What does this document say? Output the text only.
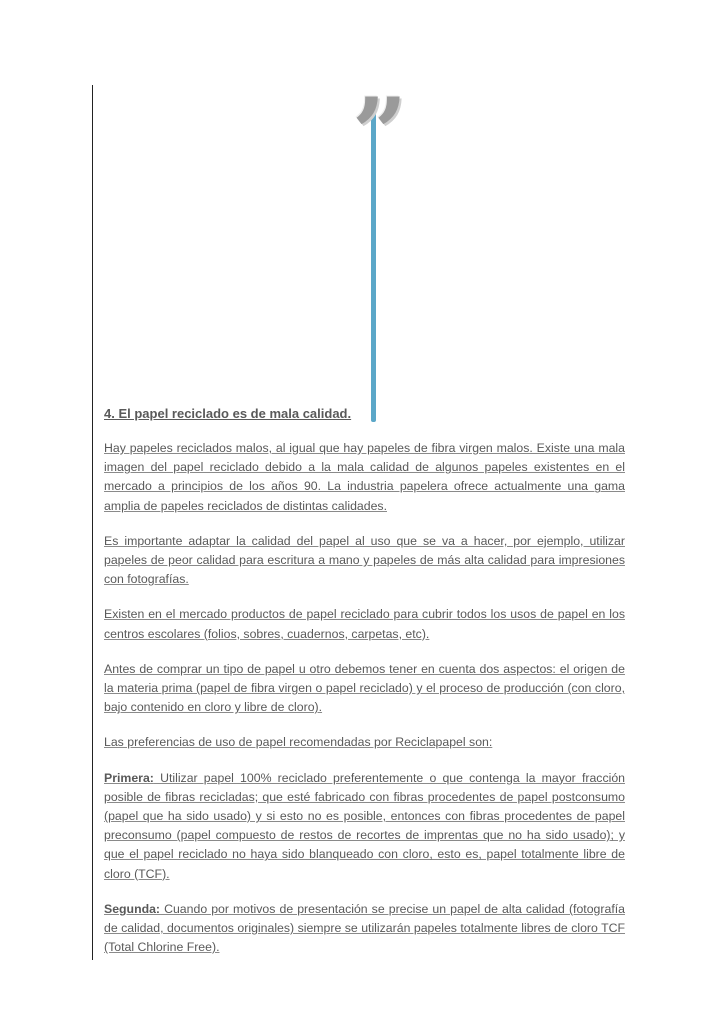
”
4. El papel reciclado es de mala calidad.

Hay papeles reciclados malos, al igual que hay papeles de fibra virgen malos. Existe una mala imagen del papel reciclado debido a la mala calidad de algunos papeles existentes en el mercado a principios de los años 90. La industria papelera ofrece actualmente una gama amplia de papeles reciclados de distintas calidades.

Es importante adaptar la calidad del papel al uso que se va a hacer, por ejemplo, utilizar papeles de peor calidad para escritura a mano y papeles de más alta calidad para impresiones con fotografías.

Existen en el mercado productos de papel reciclado para cubrir todos los usos de papel en los centros escolares (folios, sobres, cuadernos, carpetas, etc).

Antes de comprar un tipo de papel u otro debemos tener en cuenta dos aspectos: el origen de la materia prima (papel de fibra virgen o papel reciclado) y el proceso de producción (con cloro, bajo contenido en cloro y libre de cloro).

Las preferencias de uso de papel recomendadas por Reciclapapel son:

Primera: Utilizar papel 100% reciclado preferentemente o que contenga la mayor fracción posible de fibras recicladas; que esté fabricado con fibras procedentes de papel postconsumo (papel que ha sido usado) y si esto no es posible, entonces con fibras procedentes de papel preconsumo (papel compuesto de restos de recortes de imprentas que no ha sido usado); y que el papel reciclado no haya sido blanqueado con cloro, esto es, papel totalmente libre de cloro (TCF).

Segunda: Cuando por motivos de presentación se precise un papel de alta calidad (fotografía de calidad, documentos originales) siempre se utilizarán papeles totalmente libres de cloro TCF (Total Chlorine Free).
